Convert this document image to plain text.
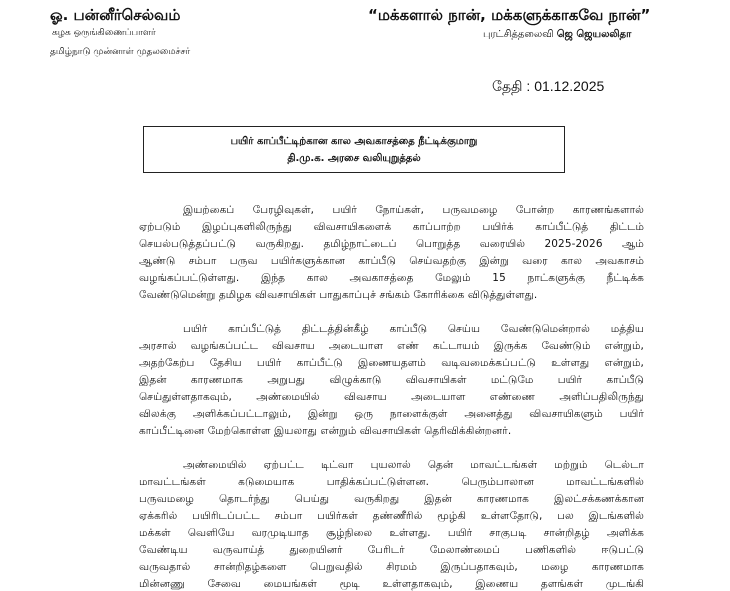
ஓ. பன்னீர்செல்வம்
கழக ஒருங்கிணைப்பாளர்
தமிழ்நாடு முன்னாள் முதலமைச்சர்
“மக்களால் நான், மக்களுக்காகவே நான்”
புரட்சித்தலைவி ஜெ ஜெயலலிதா
தேதி : 01.12.2025
பயிர் காப்பீட்டிற்கான கால அவகாசத்தை நீட்டிக்குமாறு
தி.மு.க. அரசை வலியுறுத்தல்
இயற்கைப் பேரழிவுகள், பயிர் நோய்கள், பருவமழை போன்ற காரணங்களால்
ஏற்படும் இழப்புகளிலிருந்து விவசாயிகளைக் காப்பாற்ற பயிர்க் காப்பீட்டுத் திட்டம்
செயல்படுத்தப்பட்டு வருகிறது. தமிழ்நாட்டைப் பொறுத்த வரையில் 2025-2026 ஆம்
ஆண்டு சம்பா பருவ பயிர்களுக்கான காப்பீடு செய்வதற்கு இன்று வரை கால அவகாசம்
வழங்கப்பட்டுள்ளது. இந்த கால அவகாசத்தை மேலும் 15 நாட்களுக்கு நீட்டிக்க
வேண்டுமென்று தமிழக விவசாயிகள் பாதுகாப்புச் சங்கம் கோரிக்கை விடுத்துள்ளது.
பயிர் காப்பீட்டுத் திட்டத்தின்கீழ் காப்பீடு செய்ய வேண்டுமென்றால் மத்திய
அரசால் வழங்கப்பட்ட விவசாய அடையாள எண் கட்டாயம் இருக்க வேண்டும் என்றும்,
அதற்கேற்ப தேசிய பயிர் காப்பீட்டு இணையதளம் வடிவமைக்கப்பட்டு உள்ளது என்றும்,
இதன் காரணமாக அறுபது விழுக்காடு விவசாயிகள் மட்டுமே பயிர் காப்பீடு
செய்துள்ளதாகவும், அண்மையில் விவசாய அடையாள எண்ணை அளிப்பதிலிருந்து
விலக்கு அளிக்கப்பட்டாலும், இன்று ஒரு நாளைக்குள் அனைத்து விவசாயிகளும் பயிர்
காப்பீட்டினை மேற்கொள்ள இயலாது என்றும் விவசாயிகள் தெரிவிக்கின்றனர்.
அண்மையில் ஏற்பட்ட டிட்வா புயலால் தென் மாவட்டங்கள் மற்றும் டெல்டா
மாவட்டங்கள் கடுமையாக பாதிக்கப்பட்டுள்ளன. பெரும்பாலான மாவட்டங்களில்
பருவமழை தொடர்ந்து பெய்து வருகிறது இதன் காரணமாக இலட்சக்கணக்கான
ஏக்கரில் பயிரிடப்பட்ட சம்பா பயிர்கள் தண்ணீரில் மூழ்கி உள்ளதோடு, பல இடங்களில்
மக்கள் வெளியே வரமுடியாத சூழ்நிலை உள்ளது. பயிர் சாகுபடி சான்றிதழ் அளிக்க
வேண்டிய வருவாய்த் துறையினர் பேரிடர் மேலாண்மைப் பணிகளில் ஈடுபட்டு
வருவதால் சான்றிதழ்களை பெறுவதில் சிரமம் இருப்பதாகவும், மழை காரணமாக
மின்னணு சேவை மையங்கள் மூடி உள்ளதாகவும், இணைய தளங்கள் முடங்கி
